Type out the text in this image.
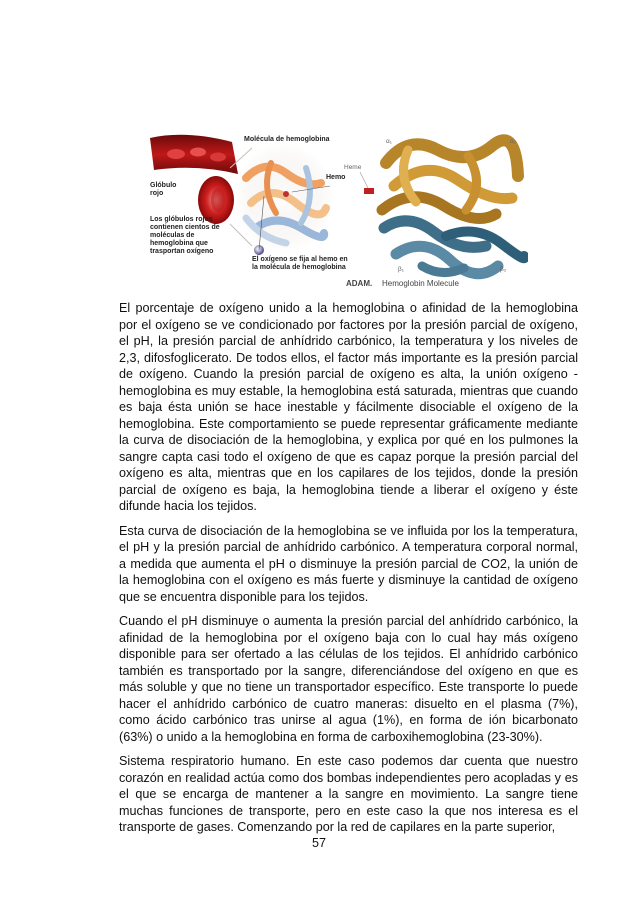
Molécula de hemoglobina
Hemo
Heme
Glóbulo rojo
Los glóbulos rojos contienen cientos de moléculas de hemoglobina que trasportan oxígeno
El oxígeno se fija al hemo en la molécula de hemoglobina
ADAM. Hemoglobin Molecule
α₁	α₂
β₁	β₂

El porcentaje de oxígeno unido a la hemoglobina o afinidad de la hemoglobina por el oxígeno se ve condicionado por factores por la presión parcial de oxígeno, el pH, la presión parcial de anhídrido carbónico, la temperatura y los niveles de 2,3, difosfoglicerato. De todos ellos, el factor más importante es la presión parcial de oxígeno. Cuando la presión parcial de oxígeno es alta, la unión oxígeno - hemoglobina es muy estable, la hemoglobina está saturada, mientras que cuando es baja ésta unión se hace inestable y fácilmente disociable el oxígeno de la hemoglobina. Este comportamiento se puede representar gráficamente mediante la curva de disociación de la hemoglobina, y explica por qué en los pulmones la sangre capta casi todo el oxígeno de que es capaz porque la presión parcial del oxígeno es alta, mientras que en los capilares de los tejidos, donde la presión parcial de oxígeno es baja, la hemoglobina tiende a liberar el oxígeno y éste difunde hacia los tejidos.

Esta curva de disociación de la hemoglobina se ve influida por los la temperatura, el pH y la presión parcial de anhídrido carbónico. A temperatura corporal normal, a medida que aumenta el pH o disminuye la presión parcial de CO2, la unión de la hemoglobina con el oxígeno es más fuerte y disminuye la cantidad de oxígeno que se encuentra disponible para los tejidos.

Cuando el pH disminuye o aumenta la presión parcial del anhídrido carbónico, la afinidad de la hemoglobina por el oxígeno baja con lo cual hay más oxígeno disponible para ser ofertado a las células de los tejidos. El anhídrido carbónico también es transportado por la sangre, diferenciándose del oxígeno en que es más soluble y que no tiene un transportador específico. Este transporte lo puede hacer el anhídrido carbónico de cuatro maneras: disuelto en el plasma (7%), como ácido carbónico tras unirse al agua (1%), en forma de ión bicarbonato (63%) o unido a la hemoglobina en forma de carboxihemoglobina (23-30%).

Sistema respiratorio humano. En este caso podemos dar cuenta que nuestro corazón en realidad actúa como dos bombas independientes pero acopladas y es el que se encarga de mantener a la sangre en movimiento. La sangre tiene muchas funciones de transporte, pero en este caso la que nos interesa es el transporte de gases. Comenzando por la red de capilares en la parte superior,

57
